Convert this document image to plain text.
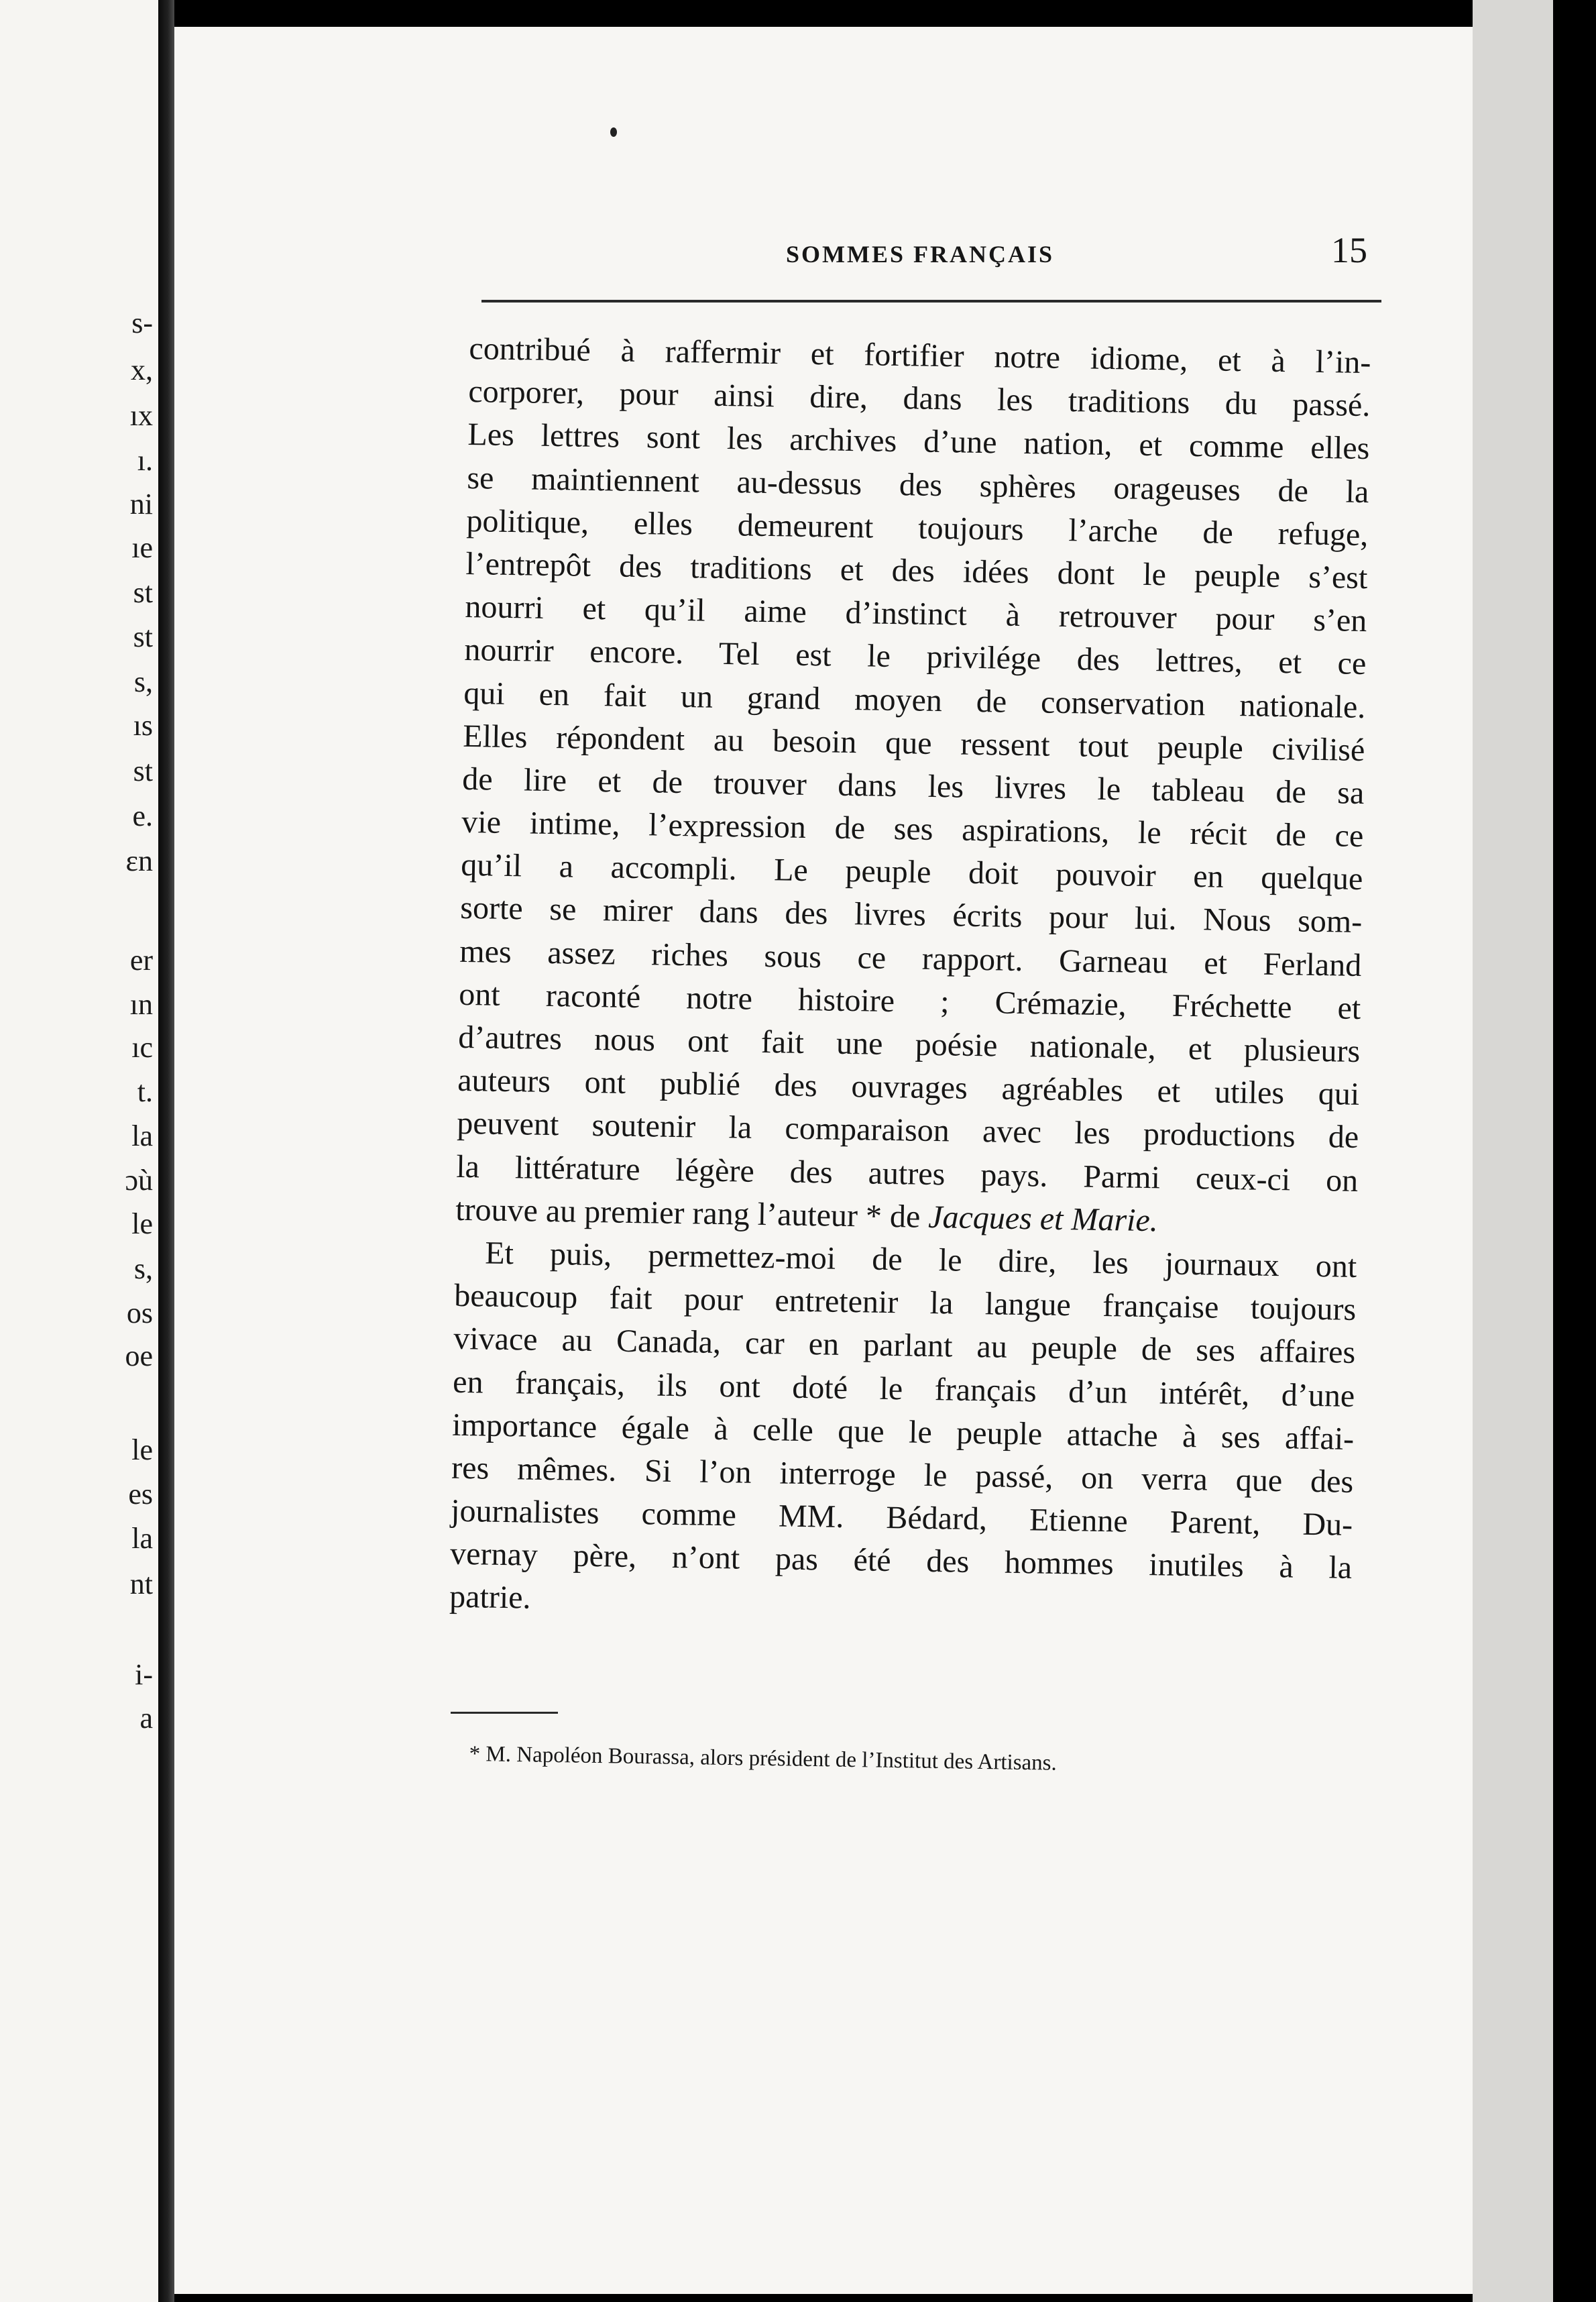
s-
x,
ıx
ı.
ni
ıe
st
st
s,
ıs
st
e.
ɛn
er
ın
ıc
t.
la
ɔù
le
s,
os
oe
le
es
la
nt
i-
a
SOMMES FRANÇAIS	15
contribué à raffermir et fortifier notre idiome, et à l’in-
corporer, pour ainsi dire, dans les traditions du passé.
Les lettres sont les archives d’une nation, et comme elles
se maintiennent au-dessus des sphères orageuses de la
politique, elles demeurent toujours l’arche de refuge,
l’entrepôt des traditions et des idées dont le peuple s’est
nourri et qu’il aime d’instinct à retrouver pour s’en
nourrir encore. Tel est le privilége des lettres, et ce
qui en fait un grand moyen de conservation nationale.
Elles répondent au besoin que ressent tout peuple civilisé
de lire et de trouver dans les livres le tableau de sa
vie intime, l’expression de ses aspirations, le récit de ce
qu’il a accompli. Le peuple doit pouvoir en quelque
sorte se mirer dans des livres écrits pour lui. Nous som-
mes assez riches sous ce rapport. Garneau et Ferland
ont raconté notre histoire ; Crémazie, Fréchette et
d’autres nous ont fait une poésie nationale, et plusieurs
auteurs ont publié des ouvrages agréables et utiles qui
peuvent soutenir la comparaison avec les productions de
la littérature légère des autres pays. Parmi ceux-ci on
trouve au premier rang l’auteur * de Jacques et Marie.
Et puis, permettez-moi de le dire, les journaux ont
beaucoup fait pour entretenir la langue française toujours
vivace au Canada, car en parlant au peuple de ses affaires
en français, ils ont doté le français d’un intérêt, d’une
importance égale à celle que le peuple attache à ses affai-
res mêmes. Si l’on interroge le passé, on verra que des
journalistes comme MM. Bédard, Etienne Parent, Du-
vernay père, n’ont pas été des hommes inutiles à la
patrie.
* M. Napoléon Bourassa, alors président de l’Institut des Artisans.
